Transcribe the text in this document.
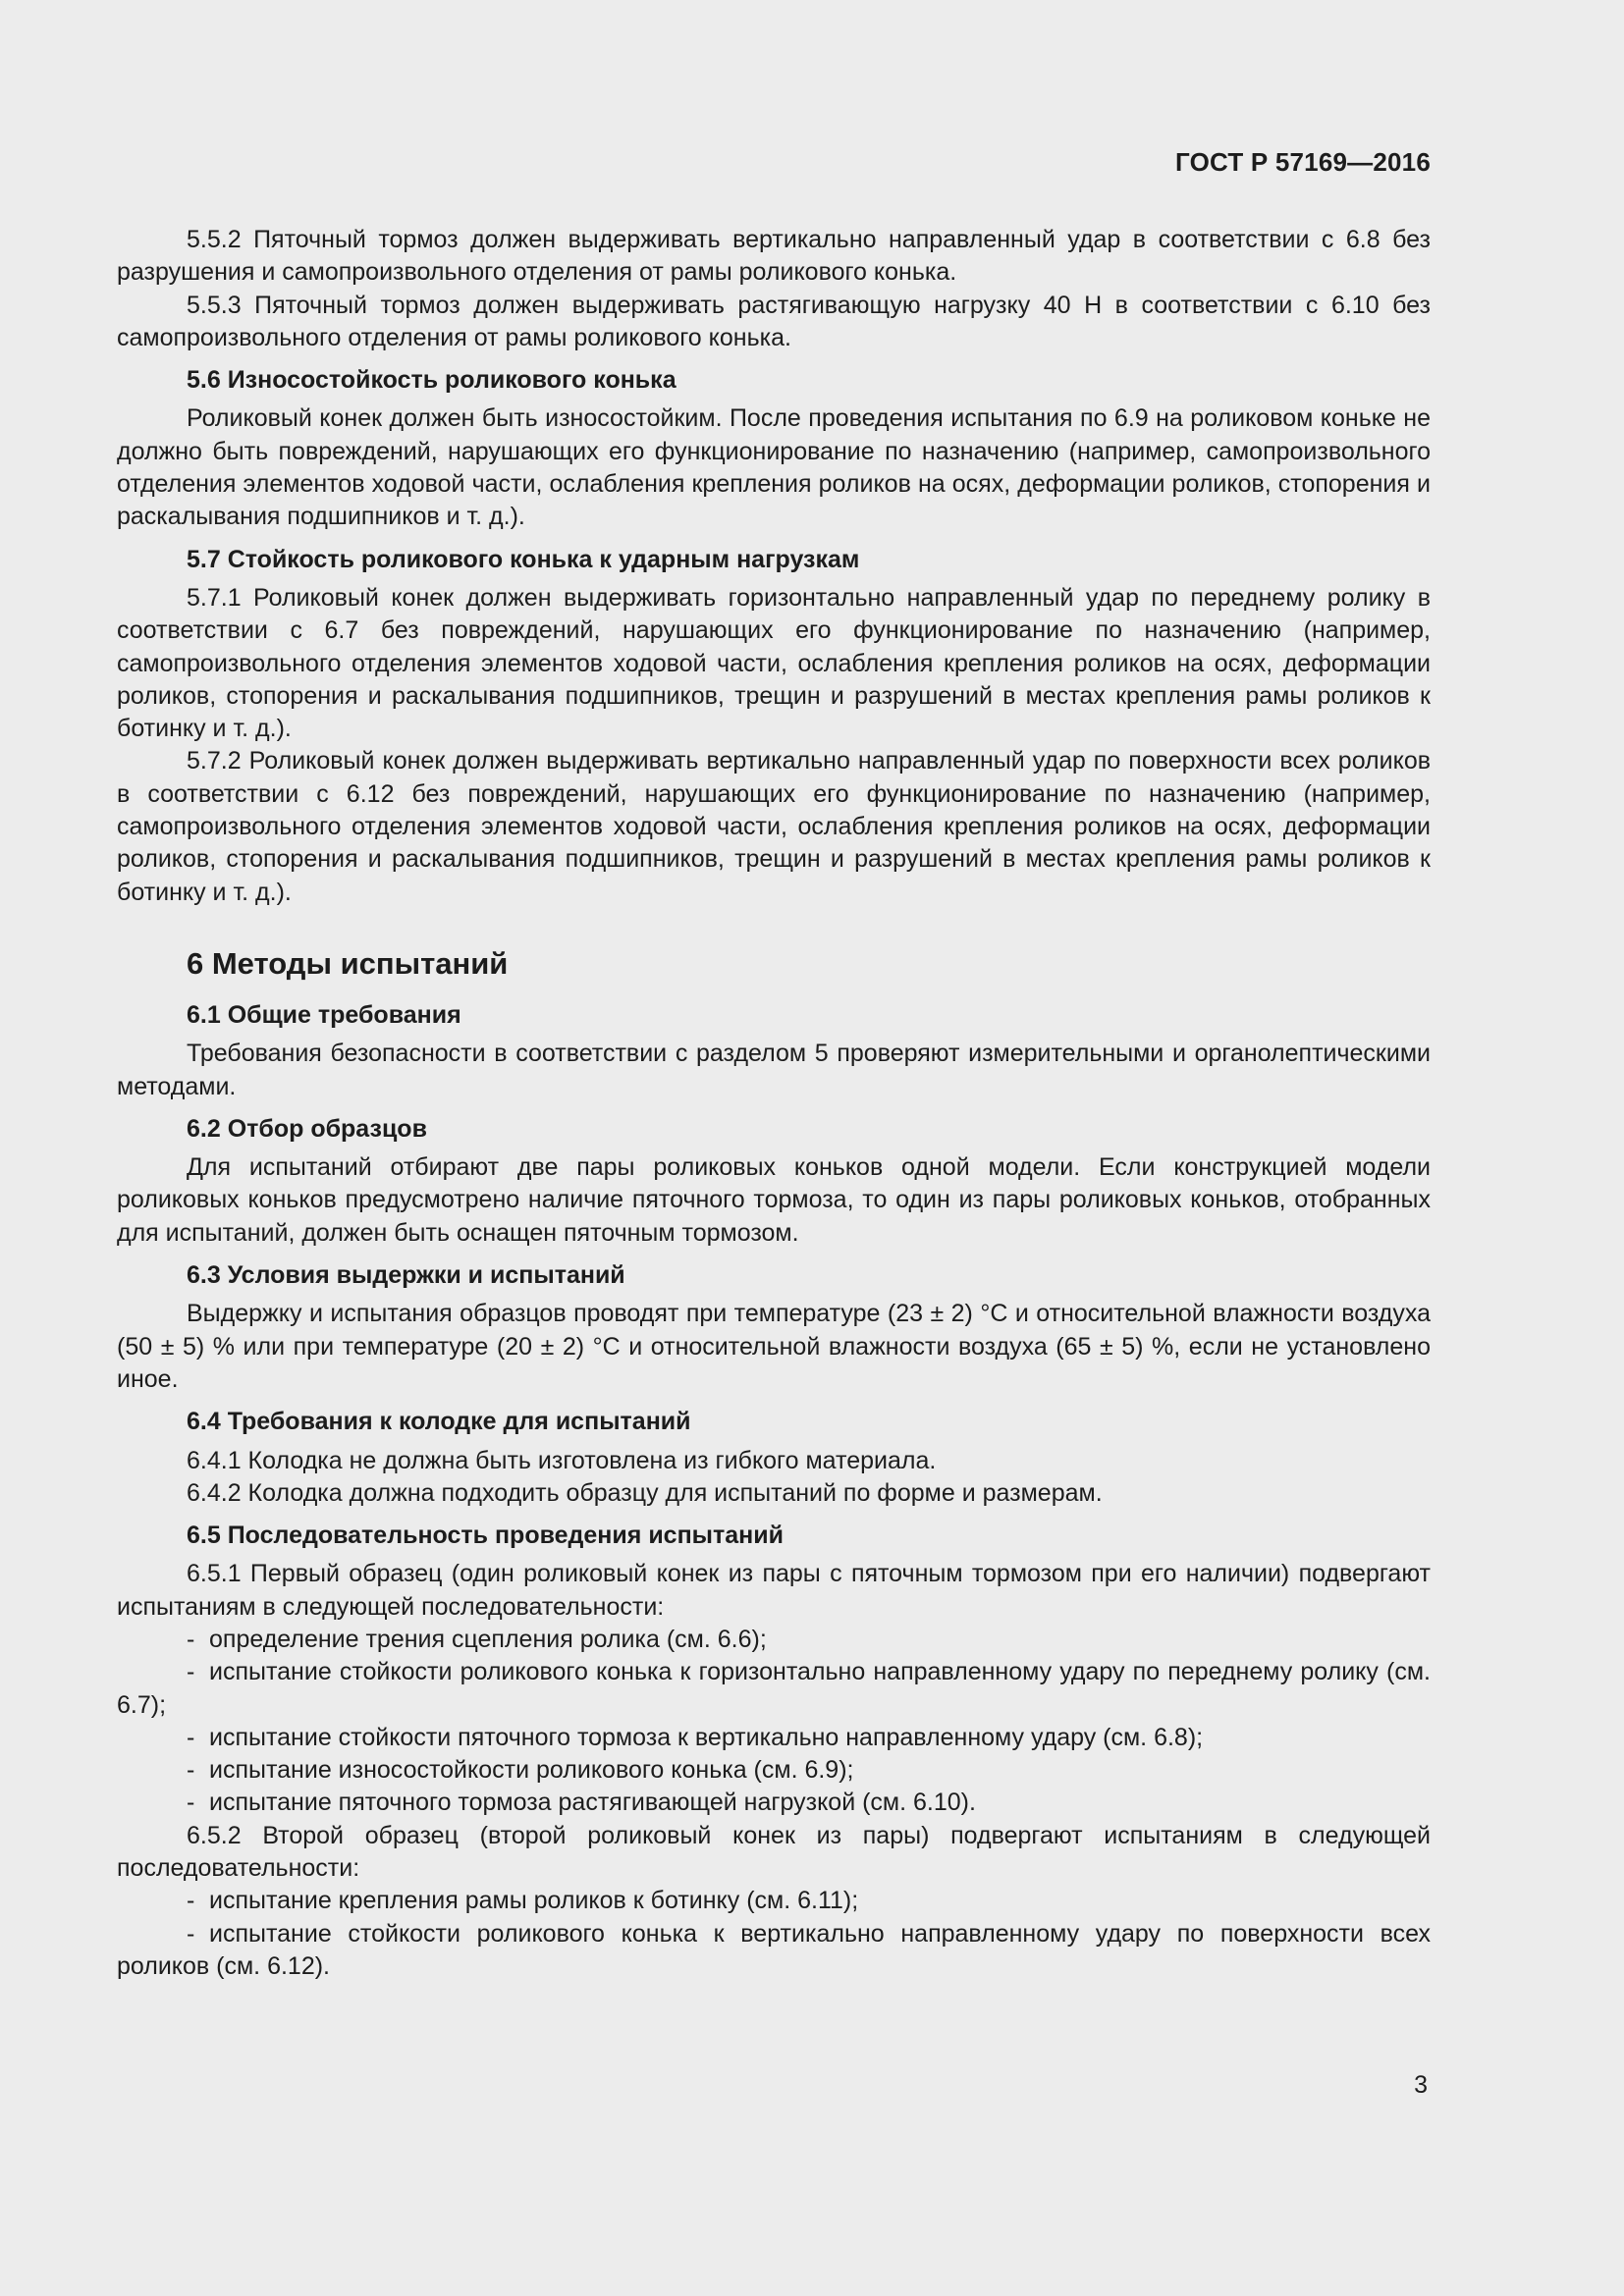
ГОСТ Р 57169—2016

5.5.2 Пяточный тормоз должен выдерживать вертикально направленный удар в соответствии с 6.8 без разрушения и самопроизвольного отделения от рамы роликового конька.

5.5.3 Пяточный тормоз должен выдерживать растягивающую нагрузку 40 Н в соответствии с 6.10 без самопроизвольного отделения от рамы роликового конька.

5.6 Износостойкость роликового конька

Роликовый конек должен быть износостойким. После проведения испытания по 6.9 на роликовом коньке не должно быть повреждений, нарушающих его функционирование по назначению (например, самопроизвольного отделения элементов ходовой части, ослабления крепления роликов на осях, деформации роликов, стопорения и раскалывания подшипников и т. д.).

5.7 Стойкость роликового конька к ударным нагрузкам

5.7.1 Роликовый конек должен выдерживать горизонтально направленный удар по переднему ролику в соответствии с 6.7 без повреждений, нарушающих его функционирование по назначению (например, самопроизвольного отделения элементов ходовой части, ослабления крепления роликов на осях, деформации роликов, стопорения и раскалывания подшипников, трещин и разрушений в местах крепления рамы роликов к ботинку и т. д.).

5.7.2 Роликовый конек должен выдерживать вертикально направленный удар по поверхности всех роликов в соответствии с 6.12 без повреждений, нарушающих его функционирование по назначению (например, самопроизвольного отделения элементов ходовой части, ослабления крепления роликов на осях, деформации роликов, стопорения и раскалывания подшипников, трещин и разрушений в местах крепления рамы роликов к ботинку и т. д.).

6 Методы испытаний
6.1 Общие требования

Требования безопасности в соответствии с разделом 5 проверяют измерительными и органолептическими методами.

6.2 Отбор образцов

Для испытаний отбирают две пары роликовых коньков одной модели. Если конструкцией модели роликовых коньков предусмотрено наличие пяточного тормоза, то один из пары роликовых коньков, отобранных для испытаний, должен быть оснащен пяточным тормозом.

6.3 Условия выдержки и испытаний

Выдержку и испытания образцов проводят при температуре (23 ± 2) °С и относительной влажности воздуха (50 ± 5) % или при температуре (20 ± 2) °С и относительной влажности воздуха (65 ± 5) %, если не установлено иное.

6.4 Требования к колодке для испытаний

6.4.1 Колодка не должна быть изготовлена из гибкого материала.

6.4.2 Колодка должна подходить образцу для испытаний по форме и размерам.

6.5 Последовательность проведения испытаний

6.5.1 Первый образец (один роликовый конек из пары с пяточным тормозом при его наличии) подвергают испытаниям в следующей последовательности:

- определение трения сцепления ролика (см. 6.6);

- испытание стойкости роликового конька к горизонтально направленному удару по переднему ролику (см. 6.7);

- испытание стойкости пяточного тормоза к вертикально направленному удару (см. 6.8);

- испытание износостойкости роликового конька (см. 6.9);

- испытание пяточного тормоза растягивающей нагрузкой (см. 6.10).

6.5.2 Второй образец (второй роликовый конек из пары) подвергают испытаниям в следующей последовательности:

- испытание крепления рамы роликов к ботинку (см. 6.11);

- испытание стойкости роликового конька к вертикально направленному удару по поверхности всех роликов (см. 6.12).

3
